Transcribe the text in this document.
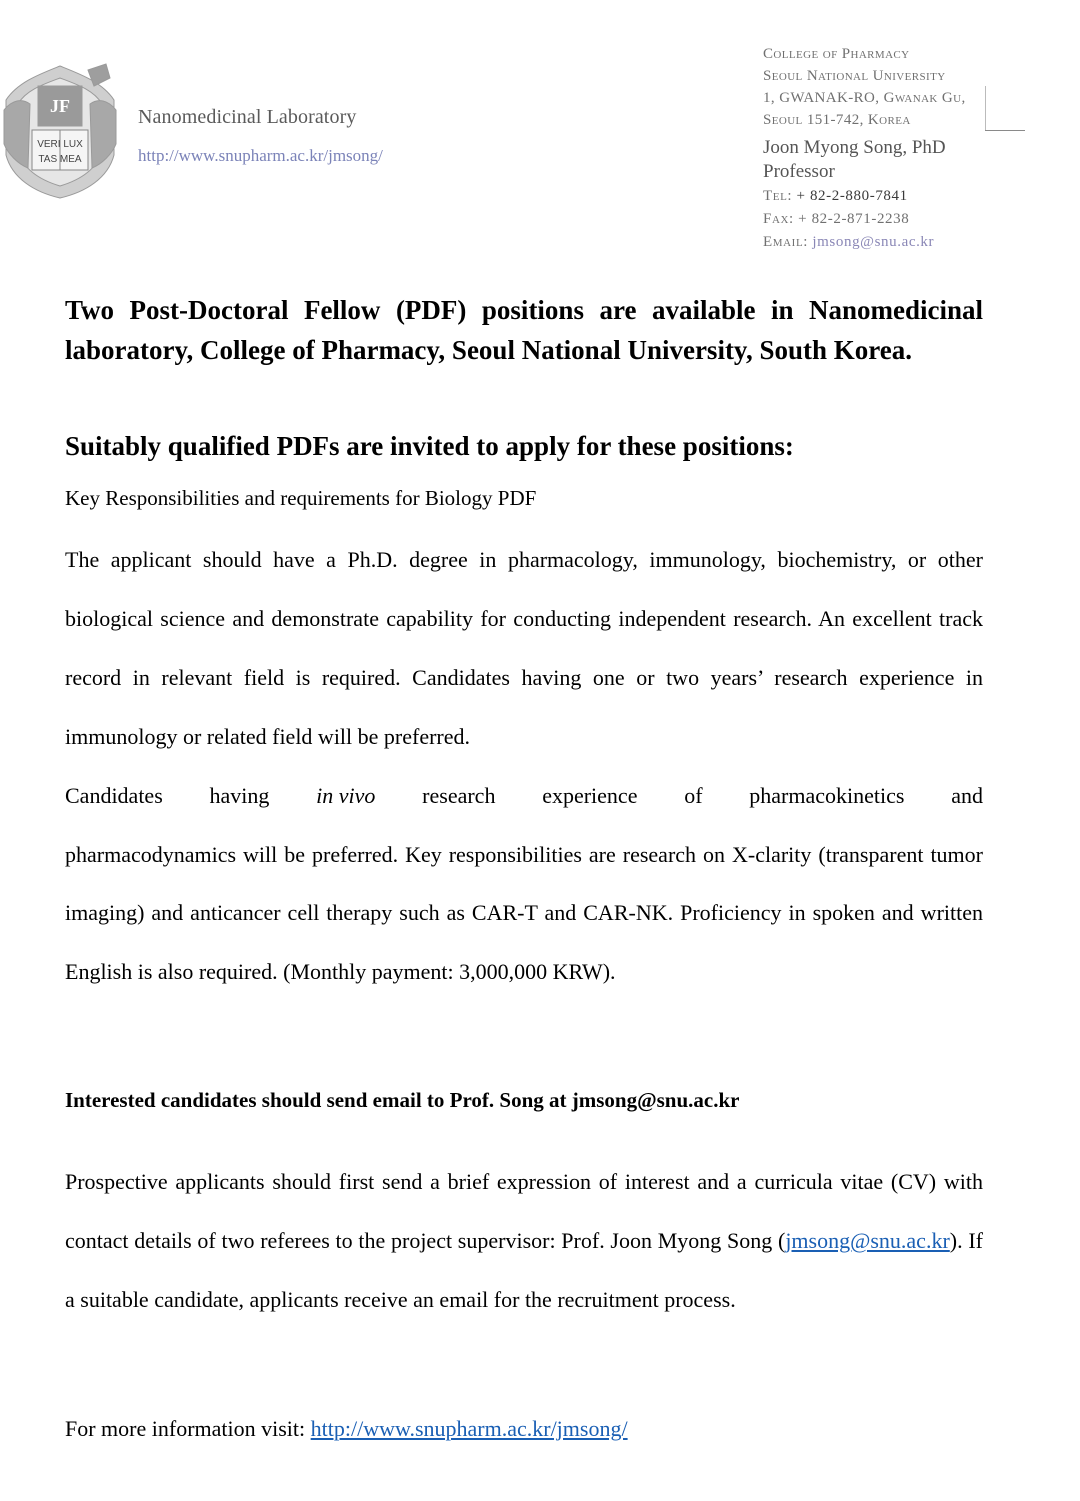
JF
VERI LUX
TAS MEA
Nanomedicinal Laboratory
http://www.snupharm.ac.kr/jmsong/
College of Pharmacy
Seoul National University
1, GWANAK-RO, Gwanak Gu,
Seoul 151-742, Korea
Joon Myong Song, PhD
Professor
Tel: + 82-2-880-7841
Fax: + 82-2-871-2238
Email: jmsong@snu.ac.kr
Two Post-Doctoral Fellow (PDF) positions are available in Nanomedicinal laboratory, College of Pharmacy, Seoul National University, South Korea.
Suitably qualified PDFs are invited to apply for these positions:
Key Responsibilities and requirements for Biology PDF
The applicant should have a Ph.D. degree in pharmacology, immunology, biochemistry, or other biological science and demonstrate capability for conducting independent research. An excellent track record in relevant field is required. Candidates having one or two years’ research experience in immunology or related field will be preferred.
Candidates having in vivo research experience of pharmacokinetics and
pharmacodynamics will be preferred. Key responsibilities are research on X-clarity (transparent tumor imaging) and anticancer cell therapy such as CAR-T and CAR-NK. Proficiency in spoken and written English is also required. (Monthly payment: 3,000,000 KRW).
Interested candidates should send email to Prof. Song at jmsong@snu.ac.kr
Prospective applicants should first send a brief expression of interest and a curricula vitae (CV) with contact details of two referees to the project supervisor: Prof. Joon Myong Song (jmsong@snu.ac.kr). If a suitable candidate, applicants receive an email for the recruitment process.
For more information visit: http://www.snupharm.ac.kr/jmsong/
